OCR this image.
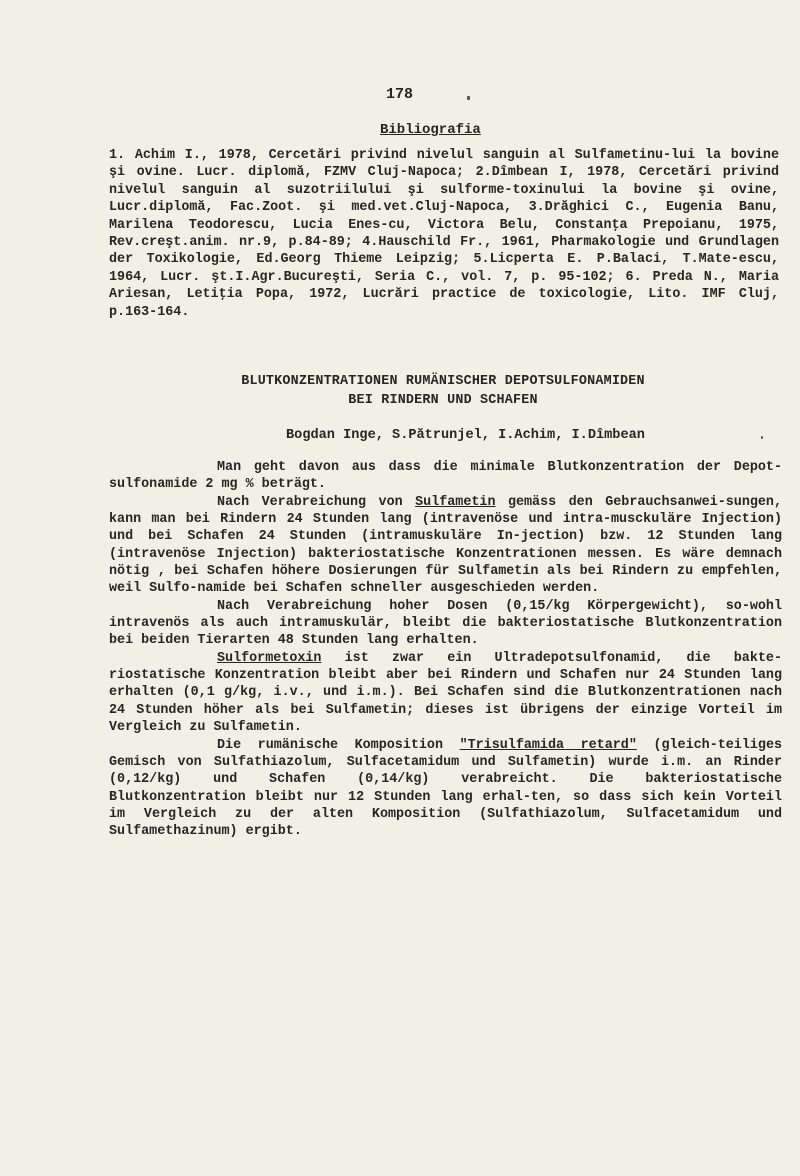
178
Bibliografia
1. Achim I., 1978, Cercetări privind nivelul sanguin al Sulfametinu-lui la bovine şi ovine. Lucr. diplomă, FZMV Cluj-Napoca; 2.Dîmbean I, 1978, Cercetări privind nivelul sanguin al suzotriilului şi sulforme-toxinului la bovine şi ovine, Lucr.diplomă, Fac.Zoot. şi med.vet.Cluj-Napoca, 3.Drăghici C., Eugenia Banu, Marilena Teodorescu, Lucia Enes-cu, Victora Belu, Constanţa Prepoianu, 1975, Rev.creşt.anim. nr.9, p.84-89; 4.Hauschild Fr., 1961, Pharmakologie und Grundlagen der Toxikologie, Ed.Georg Thieme Leipzig; 5.Licperta E. P.Balaci, T.Mate-escu, 1964, Lucr. şt.I.Agr.Bucureşti, Seria C., vol. 7, p. 95-102; 6. Preda N., Maria Ariesan, Letiţia Popa, 1972, Lucrări practice de toxicologie, Lito. IMF Cluj, p.163-164.
BLUTKONZENTRATIONEN RUMÄNISCHER DEPOTSULFONAMIDEN
BEI RINDERN UND SCHAFEN
Bogdan Inge, S.Pătrunjel, I.Achim, I.Dîmbean

Man geht davon aus dass die minimale Blutkonzentration der Depot-sulfonamide 2 mg % beträgt.

Nach Verabreichung von Sulfametin gemäss den Gebrauchsanwei-sungen, kann man bei Rindern 24 Stunden lang (intravenöse und intra-musckuläre Injection) und bei Schafen 24 Stunden (intramuskuläre In-jection) bzw. 12 Stunden lang (intravenöse Injection) bakteriostatische Konzentrationen messen. Es wäre demnach nötig , bei Schafen höhere Dosierungen für Sulfametin als bei Rindern zu empfehlen, weil Sulfo-namide bei Schafen schneller ausgeschieden werden.

Nach Verabreichung hoher Dosen (0,15/kg Körpergewicht), so-wohl intravenös als auch intramuskulär, bleibt die bakteriostatische Blutkonzentration bei beiden Tierarten 48 Stunden lang erhalten.

Sulformetoxin ist zwar ein Ultradepotsulfonamid, die bakte-riostatische Konzentration bleibt aber bei Rindern und Schafen nur 24 Stunden lang erhalten (0,1 g/kg, i.v., und i.m.). Bei Schafen sind die Blutkonzentrationen nach 24 Stunden höher als bei Sulfametin; dieses ist übrigens der einzige Vorteil im Vergleich zu Sulfametin.

Die rumänische Komposition "Trisulfamida retard" (gleich-teiliges Gemisch von Sulfathiazolum, Sulfacetamidum und Sulfametin) wurde i.m. an Rinder (0,12/kg) und Schafen (0,14/kg) verabreicht. Die bakteriostatische Blutkonzentration bleibt nur 12 Stunden lang erhal-ten, so dass sich kein Vorteil im Vergleich zu der alten Komposition (Sulfathiazolum, Sulfacetamidum und Sulfamethazinum) ergibt.
